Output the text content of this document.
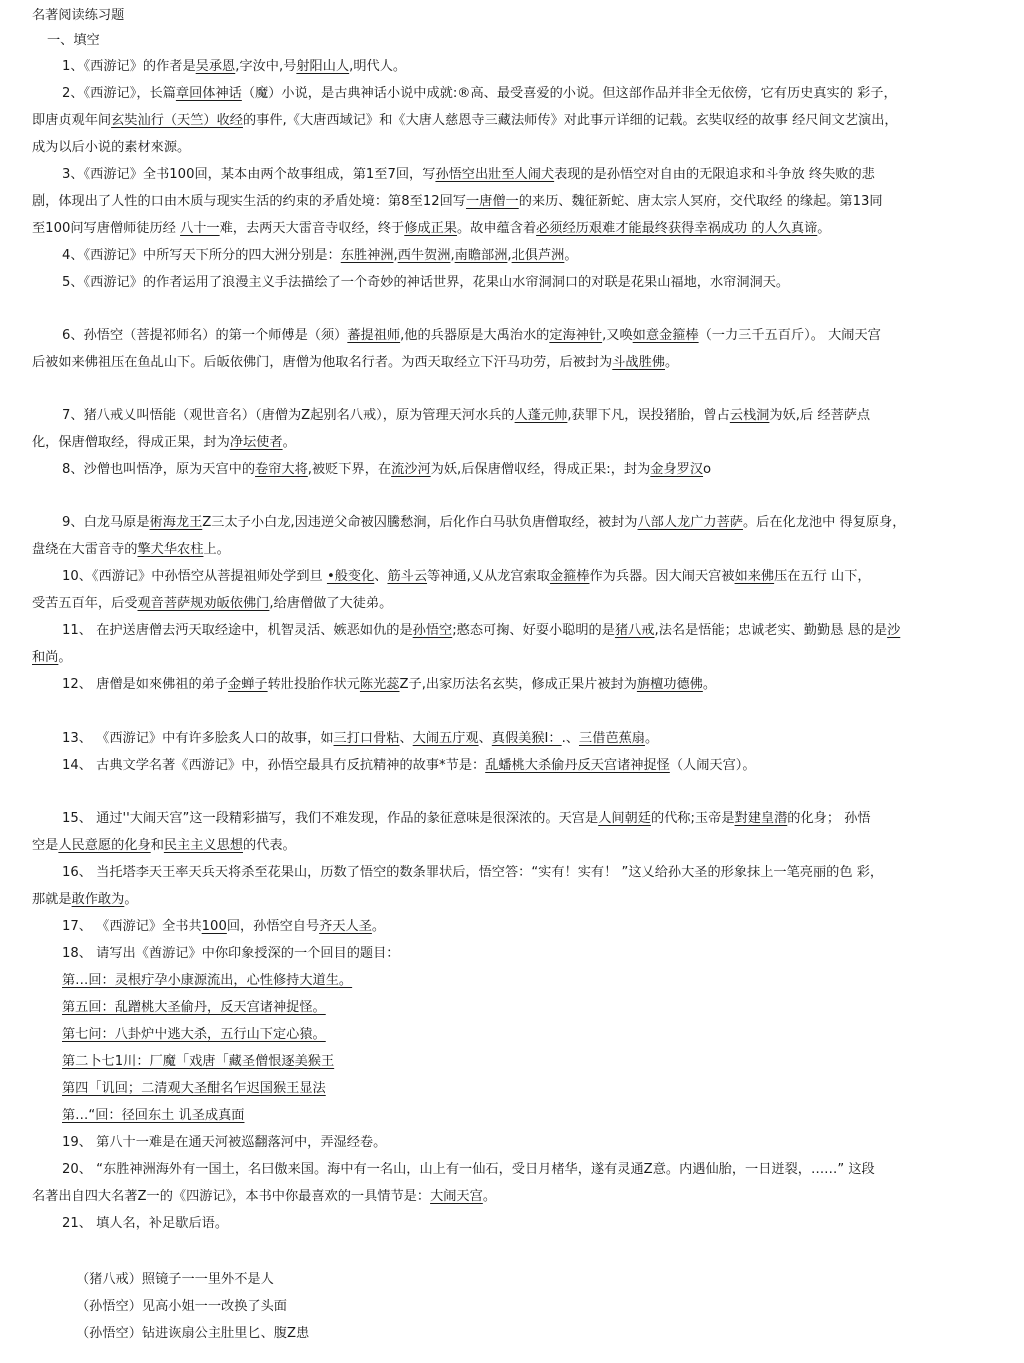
名著阅读练习题
一、填空
1、《西游记》的作者是吴承恩,字汝中,号射阳山人,明代人。
2、《西游记》，长篇章回体神话（魔）小说，是古典神话小说中成就:®高、最受喜爱的小说。但这部作品并非全无依傍，它有历史真实的 彩子，
即唐贞观年间玄奘汕行（天竺）收经的事件,《大唐西域记》和《大唐人慈恩寺三藏法师传》对此事亓详细的记载。玄奘収经的故事 经尺间文艺演出，
成为以后小说的素材來源。
3、《西游记》全书100回，某本由两个故事组成，第1至7回，写孙悟空出壯至人闹犬表现的是孙悟空对自由的无限追求和斗争放 终失败的悲
剧，体现出了人性的口由木质与现实生活的约束的矛盾处境：第8至12回写一唐僧一的来历、魏征新蛇、唐太宗人冥府，交代取经 的缘起。第13同
至100问写唐僧师徒历经 八十一难，去两天大雷音寺収经，终于修成正果。故申蕴含着必须经历艰难才能最终获得幸祸成功 的人久真谛。
4、《西游记》中所写天下所分的四大洲分别是：东胜神洲,西牛贺洲,南瞻部洲,北俱芦洲。
5、《西游记》的作者运用了浪漫主义手法描绘了一个奇妙的神话世界，花果山水帘洞洞口的对联是花果山福地，水帘洞洞天。
6、孙悟空（菩提祁师名）的第一个师傅是（须）蕃提祖师,他的兵器原是大禹治水的定海神针,又唤如意金箍棒（一力三千五百斤）。 大闹天宫
后被如来佛祖压在鱼乩山下。后皈依佛门，唐僧为他取名行者。为西天取经立下汗马功劳，后被封为斗战胜佛。
7、猪八戒乂叫悟能（观世音名）（唐僧为Z起别名八戒），原为管理天河水兵的人蓬元帅,获罪下凡，误投猪胎，曾占云栈洞为妖,后 经菩萨点
化，保唐僧取经，得成正果，封为净坛使者。
8、沙僧也叫悟净，原为天宫中的卷帘大将,被贬下界，在流沙河为妖,后保唐僧収经，得成正果:，封为金身罗汉o
9、白龙马原是術海龙王Z三太子小白龙,因违逆父命被囚騰愁涧，后化作白马驮负唐僧取经，被封为八部人龙广力菩萨。后在化龙池中 得复原身，
盘绕在大雷音寺的擎犬华农柱上。
10、《西游记》中孙悟空从菩提祖师处学到旦 •般变化、筋斗云等神通,乂从龙宫索取金箍棒作为兵器。因大闹天宫被如来佛压在五行 山下，
受苦五百年，后受观音菩萨规劝皈依佛门,给唐僧做了大徒弟。
11、 在护送唐僧去沔天取经途中，机智灵活、嫉恶如仇的是孙悟空;憨态可掬、好耍小聪明的是猪八戒,法名是悟能；忠诚老实、勤勤恳 恳的是沙
和尚。
12、 唐僧是如來佛祖的弟子金蝉子转壯投胎作状元陈光蕊Z子,出家历法名玄奘，修成正果片被封为旃檀功德佛。
13、 《西游记》中有许多脍炙人口的故事，如三打口骨粘、大闹五庁观、真假美猴I：.、三借芭蕉扇。
14、 古典文学名著《西游记》中，孙悟空最具冇反抗精神的故事*节是：乱蟠桃大杀偷丹反天宫诸神捉怪（人闹天宫）。
15、 通过''大闹天宫”这一段精彩描写，我们不难发现，作品的彖征意味是很深浓的。天宫是人间朝廷的代称;玉帝是對建皇潜的化身； 孙悟
空是人民意愿的化身和民主主义思想的代表。
16、 当托塔李天王率天兵天将杀至花果山，历数了悟空的数条罪状后，悟空答：“实有！实有！ ”这乂给孙大圣的形象抹上一笔亮丽的色 彩，
那就是敢作敢为。
17、 《西游记》全书共100回，孙悟空自号齐天人圣。
18、 请写出《酋游记》中你印象授深的一个回目的题目：
第…回：灵根疔孕小康源流出，心性修持大道生。
第五回：乱蹭桃大圣偷丹，反天宫诸神捉怪。
第七问：八卦炉屮逃大杀，五行山下定心猿。
第二卜七1川：厂魔「戏唐「藏圣僧恨逐美猴王
第四「讥回；二清观大圣酣名乍迟国猴王显法
第…“回：径回东土 讥圣成真面
19、 第八十一难是在通天河被巡翻落河中，弄湿经卷。
20、 “东胜神洲海外有一国土，名曰傲来国。海中有一名山，山上有一仙石，受日月楮华，遂有灵通Z意。内遇仙胎，一日迸裂，……” 这段
名著出自四大名著Z一的《四游记》，本书中你最喜欢的一具情节是：大闹天宫。
21、 填人名，补足歇后语。
（猪八戒）照镜子一一里外不是人
（孙悟空）见高小姐一一改换了头面
（孙悟空）钻进诙扇公主肚里匕、腹Z患
